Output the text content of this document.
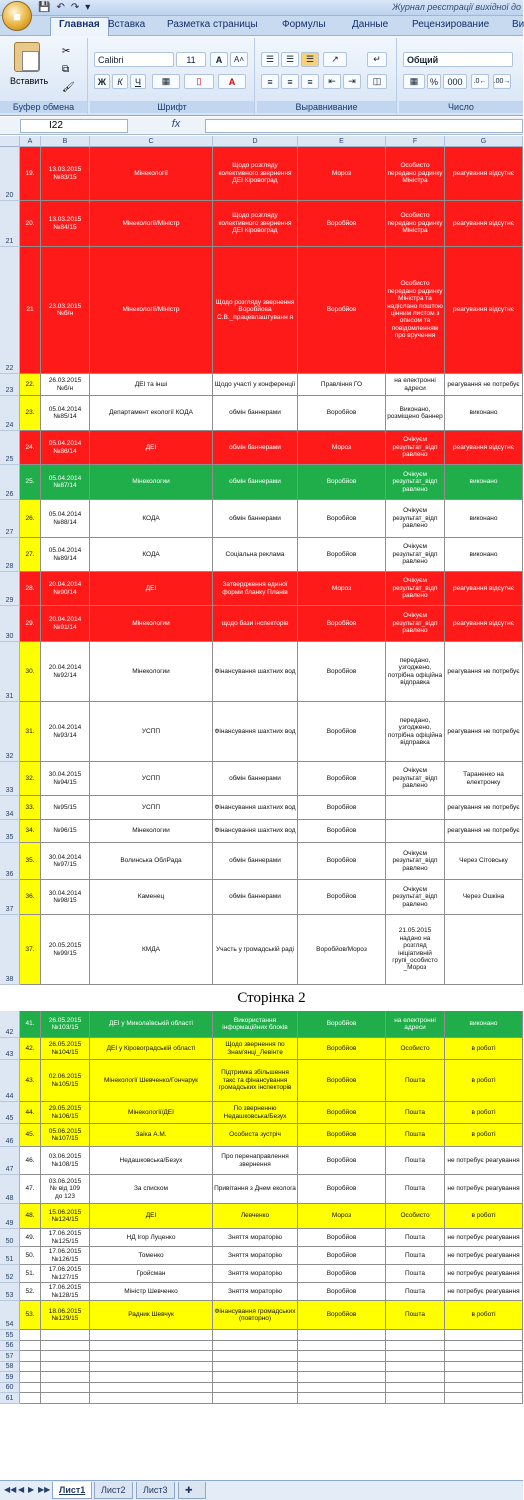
💾 ↶ ↷ ▾	Журнал реєстрації вихідної до
■
Главная Вставка Разметка страницы Формулы	Данные Рецензирование Ви
Вставить
✂
⧉
🖌
Буфер обмена
Calibri	11	A	A˄
Ж	К	Ч	▦	▯	A
Шрифт
☰	☰	☰	↗	↵
≡	≡	≡	⇤	⇥	◫
Выравнивание
Общий
▦	%	000	.0←	.00→
Число
I22	fx
A	B	C	D	E	F	G
20
19.
13.03.2015
№83/15
Мінекології
Щодо розгляду колективного звернення ДЕІ Кіровоград
Мороз
Особисто передано радинку Міністра
реагування відсутнє
21
20.
13.03.2015
№84/15
Мінекології/Міністр
Щодо розгляду колективного звернення ДЕІ Кіровоград
Воробйов
Особисто передано радинку Міністра
реагування відсутнє
22
21
23.03.2015
№б/н
Мінекології/Міністр
Щодо розгляду звернення Воробйова С.В._працевлаштуванн я
Воробйов
Особисто передано радинку Міністра та надіслано поштою цінним листом з описом та повідомленням про вручення
реагування відсутнє
23
22.
26.03.2015
№б/н
ДЕІ та інші	Щодо участі у конференції	Правління ГО
на електронні адреси
реагування не потребує
24
23.
05.04.2014
№85/14
Департамент екології КОДА	обмін баннерами	Воробйов
Виконано, розміщено баннер
виконано
25
24.
05.04.2014
№86/14
ДЕІ	обмін баннерами	Мороз
Очікуєм результат_відп равлено
реагування відсутнє
26
25.
05.04.2014
№87/14
Мінекологии	обмін баннерами	Воробйов
Очікуєм результат_відп равлено
виконано
27
26.
05.04.2014
№88/14
КОДА	обмін баннерами	Воробйов
Очікуєм результат_відп равлено
виконано
28
27.
05.04.2014
№89/14
КОДА	Соціальна реклама	Воробйов
Очікуєм результат_відп равлено
виконано
29
28.
20.04.2014
№90/14
ДЕІ
Затвердження единої форми бланку Планів
Мороз
Очікуєм результат_відп равлено
реагування відсутнє
30
29.
20.04.2014
№91/14
Мінекологии	щодо бази інспекторів	Воробйов
Очікуєм результат_відп равлено
реагування відсутнє
31
30.
20.04.2014
№92/14
Мінекологии	Фінансування шахтних вод	Воробйов
передано, узгоджено, потрібна офіційна відправка
реагування не потребує
32
31.
20.04.2014
№93/14
УСПП	Фінансування шахтних вод	Воробйов
передано, узгоджено, потрібна офіційна відправка
реагування не потребує
33
32.
30.04.2015
№94/15
УСПП	обмін баннерами	Воробйов
Очікуєм результат_відп равлено
Тараненко на електронку
34
33.	№95/15	УСПП	Фінансування шахтних вод	Воробйов	реагування не потребує
35
34.	№96/15	Мінекологии	Фінансування шахтних вод	Воробйов	реагування не потребує
36
35.
30.04.2014
№97/15
Волинська ОблРада	обмін баннерами	Воробйов
Очікуєм результат_відп равлено
Через Сітовську
37
36.
30.04.2014
№98/15
Каменец	обмін баннерами	Воробйов
Очікуєм результат_відп равлено
Через Ошкіна
38
37.
20.05.2015
№99/15
КМДА	Участь у громадській раді	Воробйов/Мороз
21.05.2015 надано на розгляд ініціативній групі_особисто _Мороз
Сторінка 2
42
41.
26.05.2015
№103/15
ДЕІ у Миколаївській області
Використання інформаційних блоків
Воробйов
на електронні адреси
виконано
43
42.
26.05.2015
№104/15
ДЕІ у Кіровоградській області
Щодо звернення по Знам'янці_Левінте
Воробйов	Особисто	в роботі
44
43.
02.06.2015
№105/15
Мінекології Шевченко/Гончарук
Підтримка збільшення такс та фінансування громадських інспекторів
Воробйов	Пошта	в роботі
45
44.
29.05.2015
№106/15
Мінекології/ДЕІ
По зверненню Недашковська/Безух
Воробйов	Пошта	в роботі
46
45.
05.06.2015
№107/15
Заїка А.М.	Особиста зустріч	Воробйов	Пошта	в роботі
47
46.
03.06.2015
№108/15
Недашковська/Безух
Про перенаправлення звернення
Воробйов	Пошта	не потребує реагування
48
47.
03.06.2015
№ від 109
до 123
За списком	Привітання з Днем еколога	Воробйов	Пошта	не потребує реагування
49
48.
15.06.2015
№124/15
ДЕІ	Левченко	Мороз	Особисто	в роботі
50
49.
17.06.2015
№125/15
НД Ігор Луценко	Зняття мораторію	Воробйов	Пошта	не потребує реагування
51
50.
17.06.2015
№126/15
Томенко	Зняття мораторію	Воробйов	Пошта	не потребує реагування
52
51.
17.06.2015
№127/15
Гройсман	Зняття мораторію	Воробйов	Пошта	не потребує реагування
53
52.
17.06.2015
№128/15
Міністр Шевченко	Зняття мораторію	Воробйов	Пошта	не потребує реагування
54
53.
18.06.2015
№129/15
Радник Шевчук
Фінансування громадських (повторно)
Воробйов	Пошта	в роботі
55
56
57
58
59
60
61
◀◀ ◀ ▶ ▶▶ Лист1	Лист2	Лист3	✚
